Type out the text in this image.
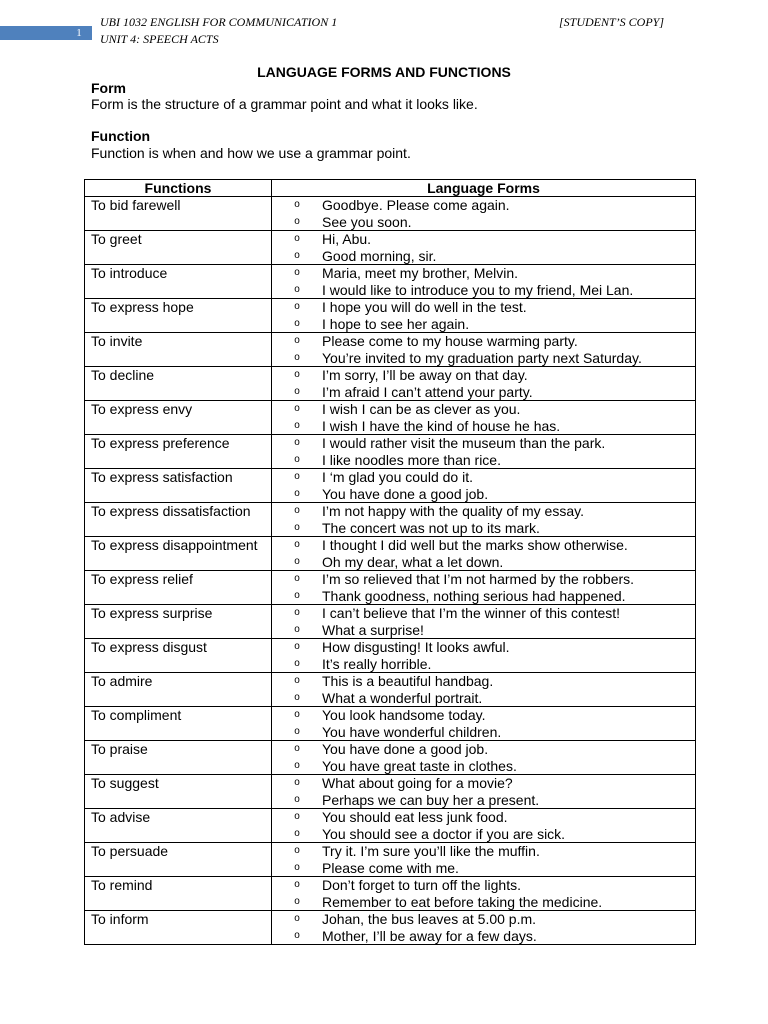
1
UBI 1032 ENGLISH FOR COMMUNICATION 1
UNIT 4: SPEECH ACTS
[STUDENT’S COPY]
LANGUAGE FORMS AND FUNCTIONS
Form
Form is the structure of a grammar point and what it looks like.
Function
Function is when and how we use a grammar point.
Functions	Language Forms
To bid farewell	o Goodbye. Please come again.
o See you soon.

To greet	o Hi, Abu.
o Good morning, sir.

To introduce	o Maria, meet my brother, Melvin.
o I would like to introduce you to my friend, Mei Lan.

To express hope	o I hope you will do well in the test.
o I hope to see her again.

To invite	o Please come to my house warming party.
o You’re invited to my graduation party next Saturday.

To decline	o I’m sorry, I’ll be away on that day.
o I’m afraid I can’t attend your party.

To express envy	o I wish I can be as clever as you.
o I wish I have the kind of house he has.

To express preference	o I would rather visit the museum than the park.
o I like noodles more than rice.

To express satisfaction	o I ‘m glad you could do it.
o You have done a good job.

To express dissatisfaction	o I’m not happy with the quality of my essay.
o The concert was not up to its mark.

To express disappointment	o I thought I did well but the marks show otherwise.
o Oh my dear, what a let down.

To express relief	o I’m so relieved that I’m not harmed by the robbers.
o Thank goodness, nothing serious had happened.

To express surprise	o I can’t believe that I’m the winner of this contest!
o What a surprise!

To express disgust	o How disgusting! It looks awful.
o It’s really horrible.

To admire	o This is a beautiful handbag.
o What a wonderful portrait.

To compliment	o You look handsome today.
o You have wonderful children.

To praise	o You have done a good job.
o You have great taste in clothes.

To suggest	o What about going for a movie?
o Perhaps we can buy her a present.

To advise	o You should eat less junk food.
o You should see a doctor if you are sick.

To persuade	o Try it. I’m sure you’ll like the muffin.
o Please come with me.

To remind	o Don’t forget to turn off the lights.
o Remember to eat before taking the medicine.

To inform	o Johan, the bus leaves at 5.00 p.m.
o Mother, I’ll be away for a few days.
